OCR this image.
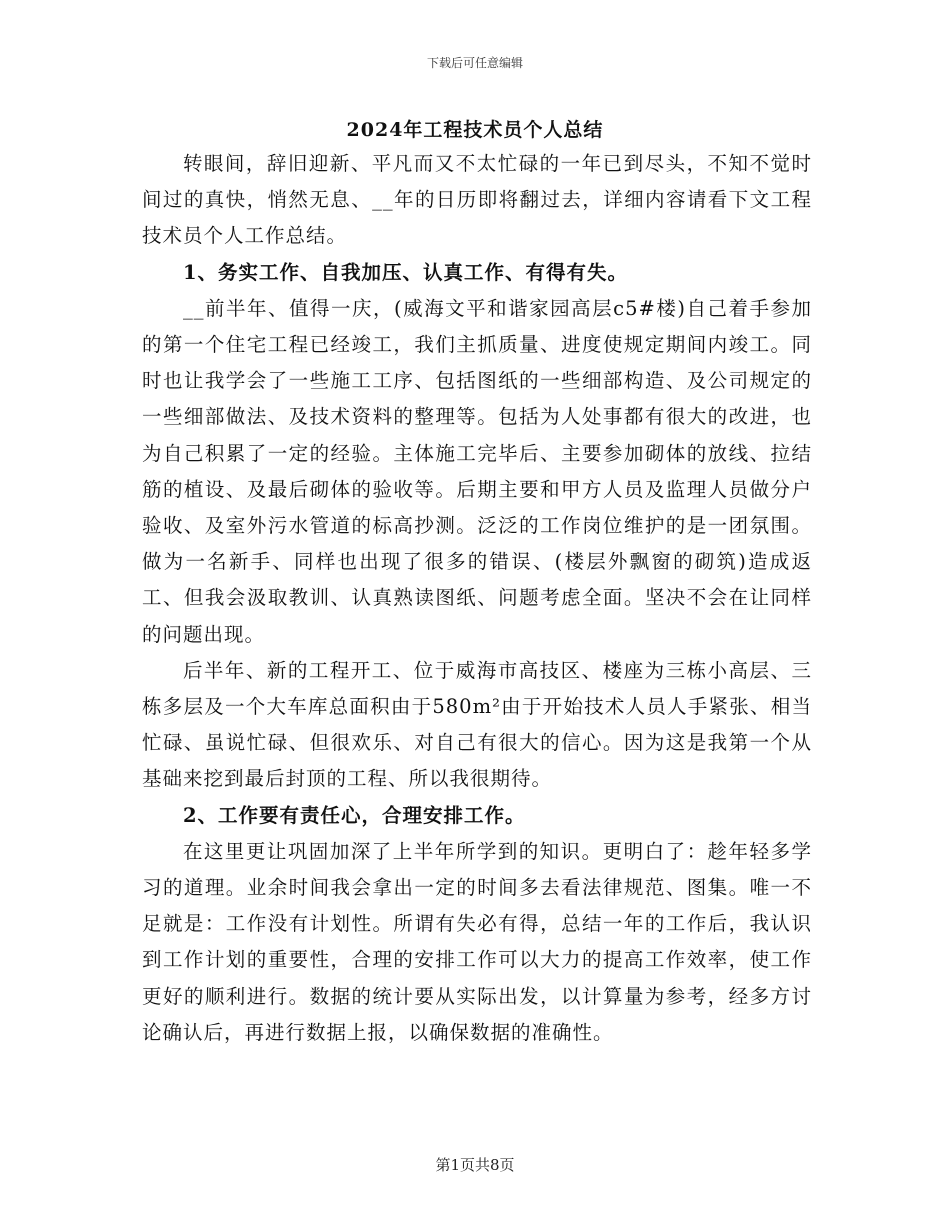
下载后可任意编辑
2024年工程技术员个人总结

转眼间，辞旧迎新、平凡而又不太忙碌的一年已到尽头，不知不觉时间过的真快，悄然无息、__年的日历即将翻过去，详细内容请看下文工程技术员个人工作总结。

1、务实工作、自我加压、认真工作、有得有失。

__前半年、值得一庆，(威海文平和谐家园高层c5#楼)自己着手参加的第一个住宅工程已经竣工，我们主抓质量、进度使规定期间内竣工。同时也让我学会了一些施工工序、包括图纸的一些细部构造、及公司规定的一些细部做法、及技术资料的整理等。包括为人处事都有很大的改进，也为自己积累了一定的经验。主体施工完毕后、主要参加砌体的放线、拉结筋的植设、及最后砌体的验收等。后期主要和甲方人员及监理人员做分户验收、及室外污水管道的标高抄测。泛泛的工作岗位维护的是一团氛围。做为一名新手、同样也出现了很多的错误、(楼层外飘窗的砌筑)造成返工、但我会汲取教训、认真熟读图纸、问题考虑全面。坚决不会在让同样的问题出现。

后半年、新的工程开工、位于威海市高技区、楼座为三栋小高层、三栋多层及一个大车库总面积由于580m²由于开始技术人员人手紧张、相当忙碌、虽说忙碌、但很欢乐、对自己有很大的信心。因为这是我第一个从基础来挖到最后封顶的工程、所以我很期待。

2、工作要有责任心，合理安排工作。

在这里更让巩固加深了上半年所学到的知识。更明白了：趁年轻多学习的道理。业余时间我会拿出一定的时间多去看法律规范、图集。唯一不足就是：工作没有计划性。所谓有失必有得，总结一年的工作后，我认识到工作计划的重要性，合理的安排工作可以大力的提高工作效率，使工作更好的顺利进行。数据的统计要从实际出发，以计算量为参考，经多方讨论确认后，再进行数据上报，以确保数据的准确性。

第1页共8页
